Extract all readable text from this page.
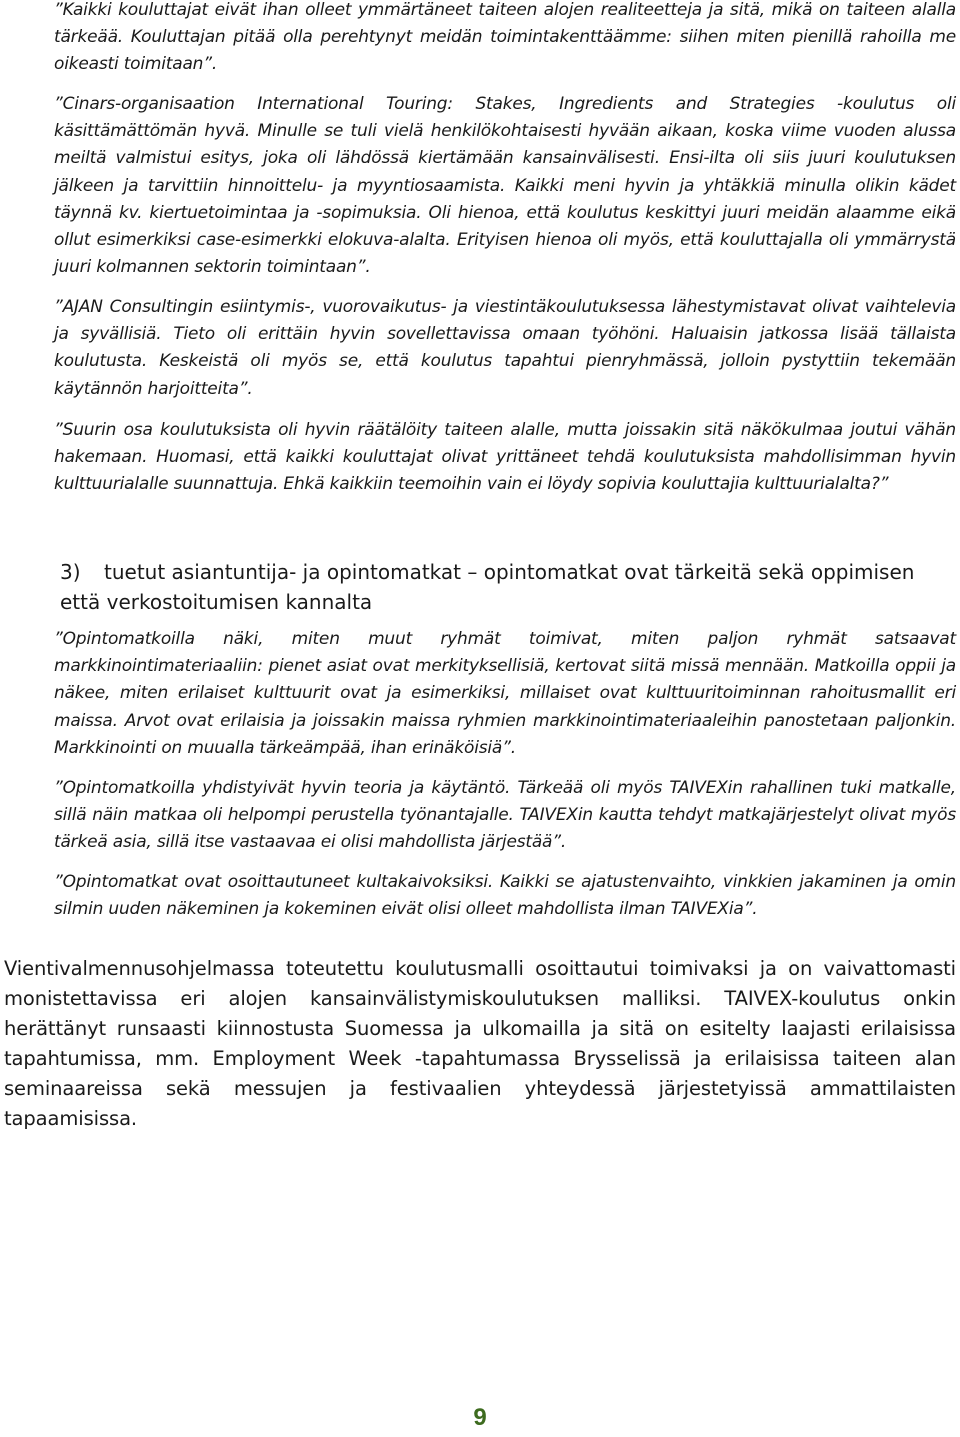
”Kaikki kouluttajat eivät ihan olleet ymmärtäneet taiteen alojen realiteetteja ja sitä, mikä on taiteen alalla tärkeää. Kouluttajan pitää olla perehtynyt meidän toimintakenttäämme: siihen miten pienillä rahoilla me oikeasti toimitaan”.

”Cinars-organisaation International Touring: Stakes, Ingredients and Strategies -koulutus oli käsittämättömän hyvä. Minulle se tuli vielä henkilökohtaisesti hyvään aikaan, koska viime vuoden alussa meiltä valmistui esitys, joka oli lähdössä kiertämään kansainvälisesti. Ensi-ilta oli siis juuri koulutuksen jälkeen ja tarvittiin hinnoittelu- ja myyntiosaamista. Kaikki meni hyvin ja yhtäkkiä minulla olikin kädet täynnä kv. kiertuetoimintaa ja -sopimuksia. Oli hienoa, että koulutus keskittyi juuri meidän alaamme eikä ollut esimerkiksi case-esimerkki elokuva-alalta. Erityisen hienoa oli myös, että kouluttajalla oli ymmärrystä juuri kolmannen sektorin toimintaan”.

”AJAN Consultingin esiintymis-, vuorovaikutus- ja viestintäkoulutuksessa lähestymistavat olivat vaihtelevia ja syvällisiä. Tieto oli erittäin hyvin sovellettavissa omaan työhöni. Haluaisin jatkossa lisää tällaista koulutusta. Keskeistä oli myös se, että koulutus tapahtui pienryhmässä, jolloin pystyttiin tekemään käytännön harjoitteita”.

”Suurin osa koulutuksista oli hyvin räätälöity taiteen alalle, mutta joissakin sitä näkökulmaa joutui vähän hakemaan. Huomasi, että kaikki kouluttajat olivat yrittäneet tehdä koulutuksista mahdollisimman hyvin kulttuurialalle suunnattuja. Ehkä kaikkiin teemoihin vain ei löydy sopivia kouluttajia kulttuurialalta?”

3) tuetut asiantuntija- ja opintomatkat – opintomatkat ovat tärkeitä sekä oppimisen että verkostoitumisen kannalta

”Opintomatkoilla näki, miten muut ryhmät toimivat, miten paljon ryhmät satsaavat markkinointimateriaaliin: pienet asiat ovat merkityksellisiä, kertovat siitä missä mennään. Matkoilla oppii ja näkee, miten erilaiset kulttuurit ovat ja esimerkiksi, millaiset ovat kulttuuritoiminnan rahoitusmallit eri maissa. Arvot ovat erilaisia ja joissakin maissa ryhmien markkinointimateriaaleihin panostetaan paljonkin. Markkinointi on muualla tärkeämpää, ihan erinäköisiä”.

”Opintomatkoilla yhdistyivät hyvin teoria ja käytäntö. Tärkeää oli myös TAIVEXin rahallinen tuki matkalle, sillä näin matkaa oli helpompi perustella työnantajalle. TAIVEXin kautta tehdyt matkajärjestelyt olivat myös tärkeä asia, sillä itse vastaavaa ei olisi mahdollista järjestää”.

”Opintomatkat ovat osoittautuneet kultakaivoksiksi. Kaikki se ajatustenvaihto, vinkkien jakaminen ja omin silmin uuden näkeminen ja kokeminen eivät olisi olleet mahdollista ilman TAIVEXia”.

Vientivalmennusohjelmassa toteutettu koulutusmalli osoittautui toimivaksi ja on vaivattomasti monistettavissa eri alojen kansainvälistymiskoulutuksen malliksi. TAIVEX-koulutus onkin herättänyt runsaasti kiinnostusta Suomessa ja ulkomailla ja sitä on esitelty laajasti erilaisissa tapahtumissa, mm. Employment Week -tapahtumassa Brysselissä ja erilaisissa taiteen alan seminaareissa sekä messujen ja festivaalien yhteydessä järjestetyissä ammattilaisten tapaamisissa.

9
